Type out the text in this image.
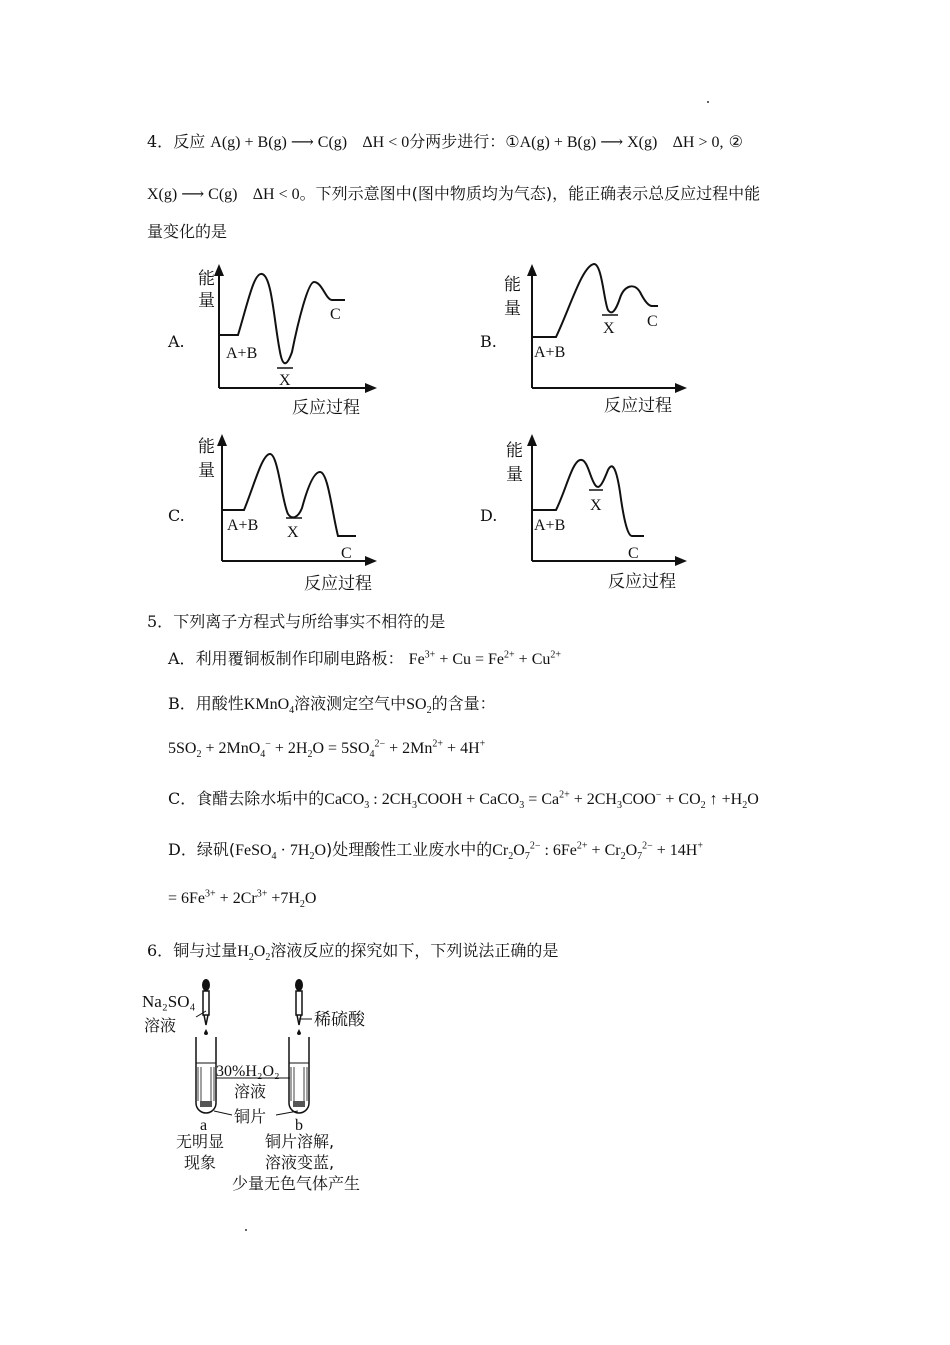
4．反应 A(g) + B(g) ⟶ C(g) ΔH < 0分两步进行：①A(g) + B(g) ⟶ X(g) ΔH > 0, ②
X(g) ⟶ C(g) ΔH < 0。下列示意图中(图中物质均为气态)，能正确表示总反应过程中能
量变化的是
A.
能
量
A+B
X
C
反应过程
B.
能
量
A+B
X C
反应过程
C.
能
量
A+B X
C
反应过程
D.
能
量
A+B
X
C
反应过程
5．下列离子方程式与所给事实不相符的是
A．利用覆铜板制作印刷电路板： $Fe^{3+} + Cu = Fe^{2+} + Cu^{2+}$
B．用酸性KMnO$_4$溶液测定空气中$SO_2$的含量：
$5SO_2 + 2MnO_4^- + 2H_2O = 5SO_4^{2-} + 2Mn^{2+} + 4H^+$
C．食醋去除水垢中的CaCO$_3$ : $2CH_3COOH$ + CaCO$_3$ = $Ca^{2+} + 2CH_3COO^- + CO_2$ ↑ $+H_2O$
D．绿矾(FeSO$_4$ · $7H_2O$)处理酸性工业废水中的$Cr_2O_7^{2-}$ : $6Fe^{2+} + Cr_2O_7^{2-} + 14H^+$
= $6Fe^{3+} + 2Cr^{3+} +7H_2O$
6．铜与过量$H_2O_2$溶液反应的探究如下，下列说法正确的是
Na₂SO₄
溶液	稀硫酸
30%H₂O₂
溶液
铜片
a	b
无明显
现象
铜片溶解,
溶液变蓝,
少量无色气体产生
